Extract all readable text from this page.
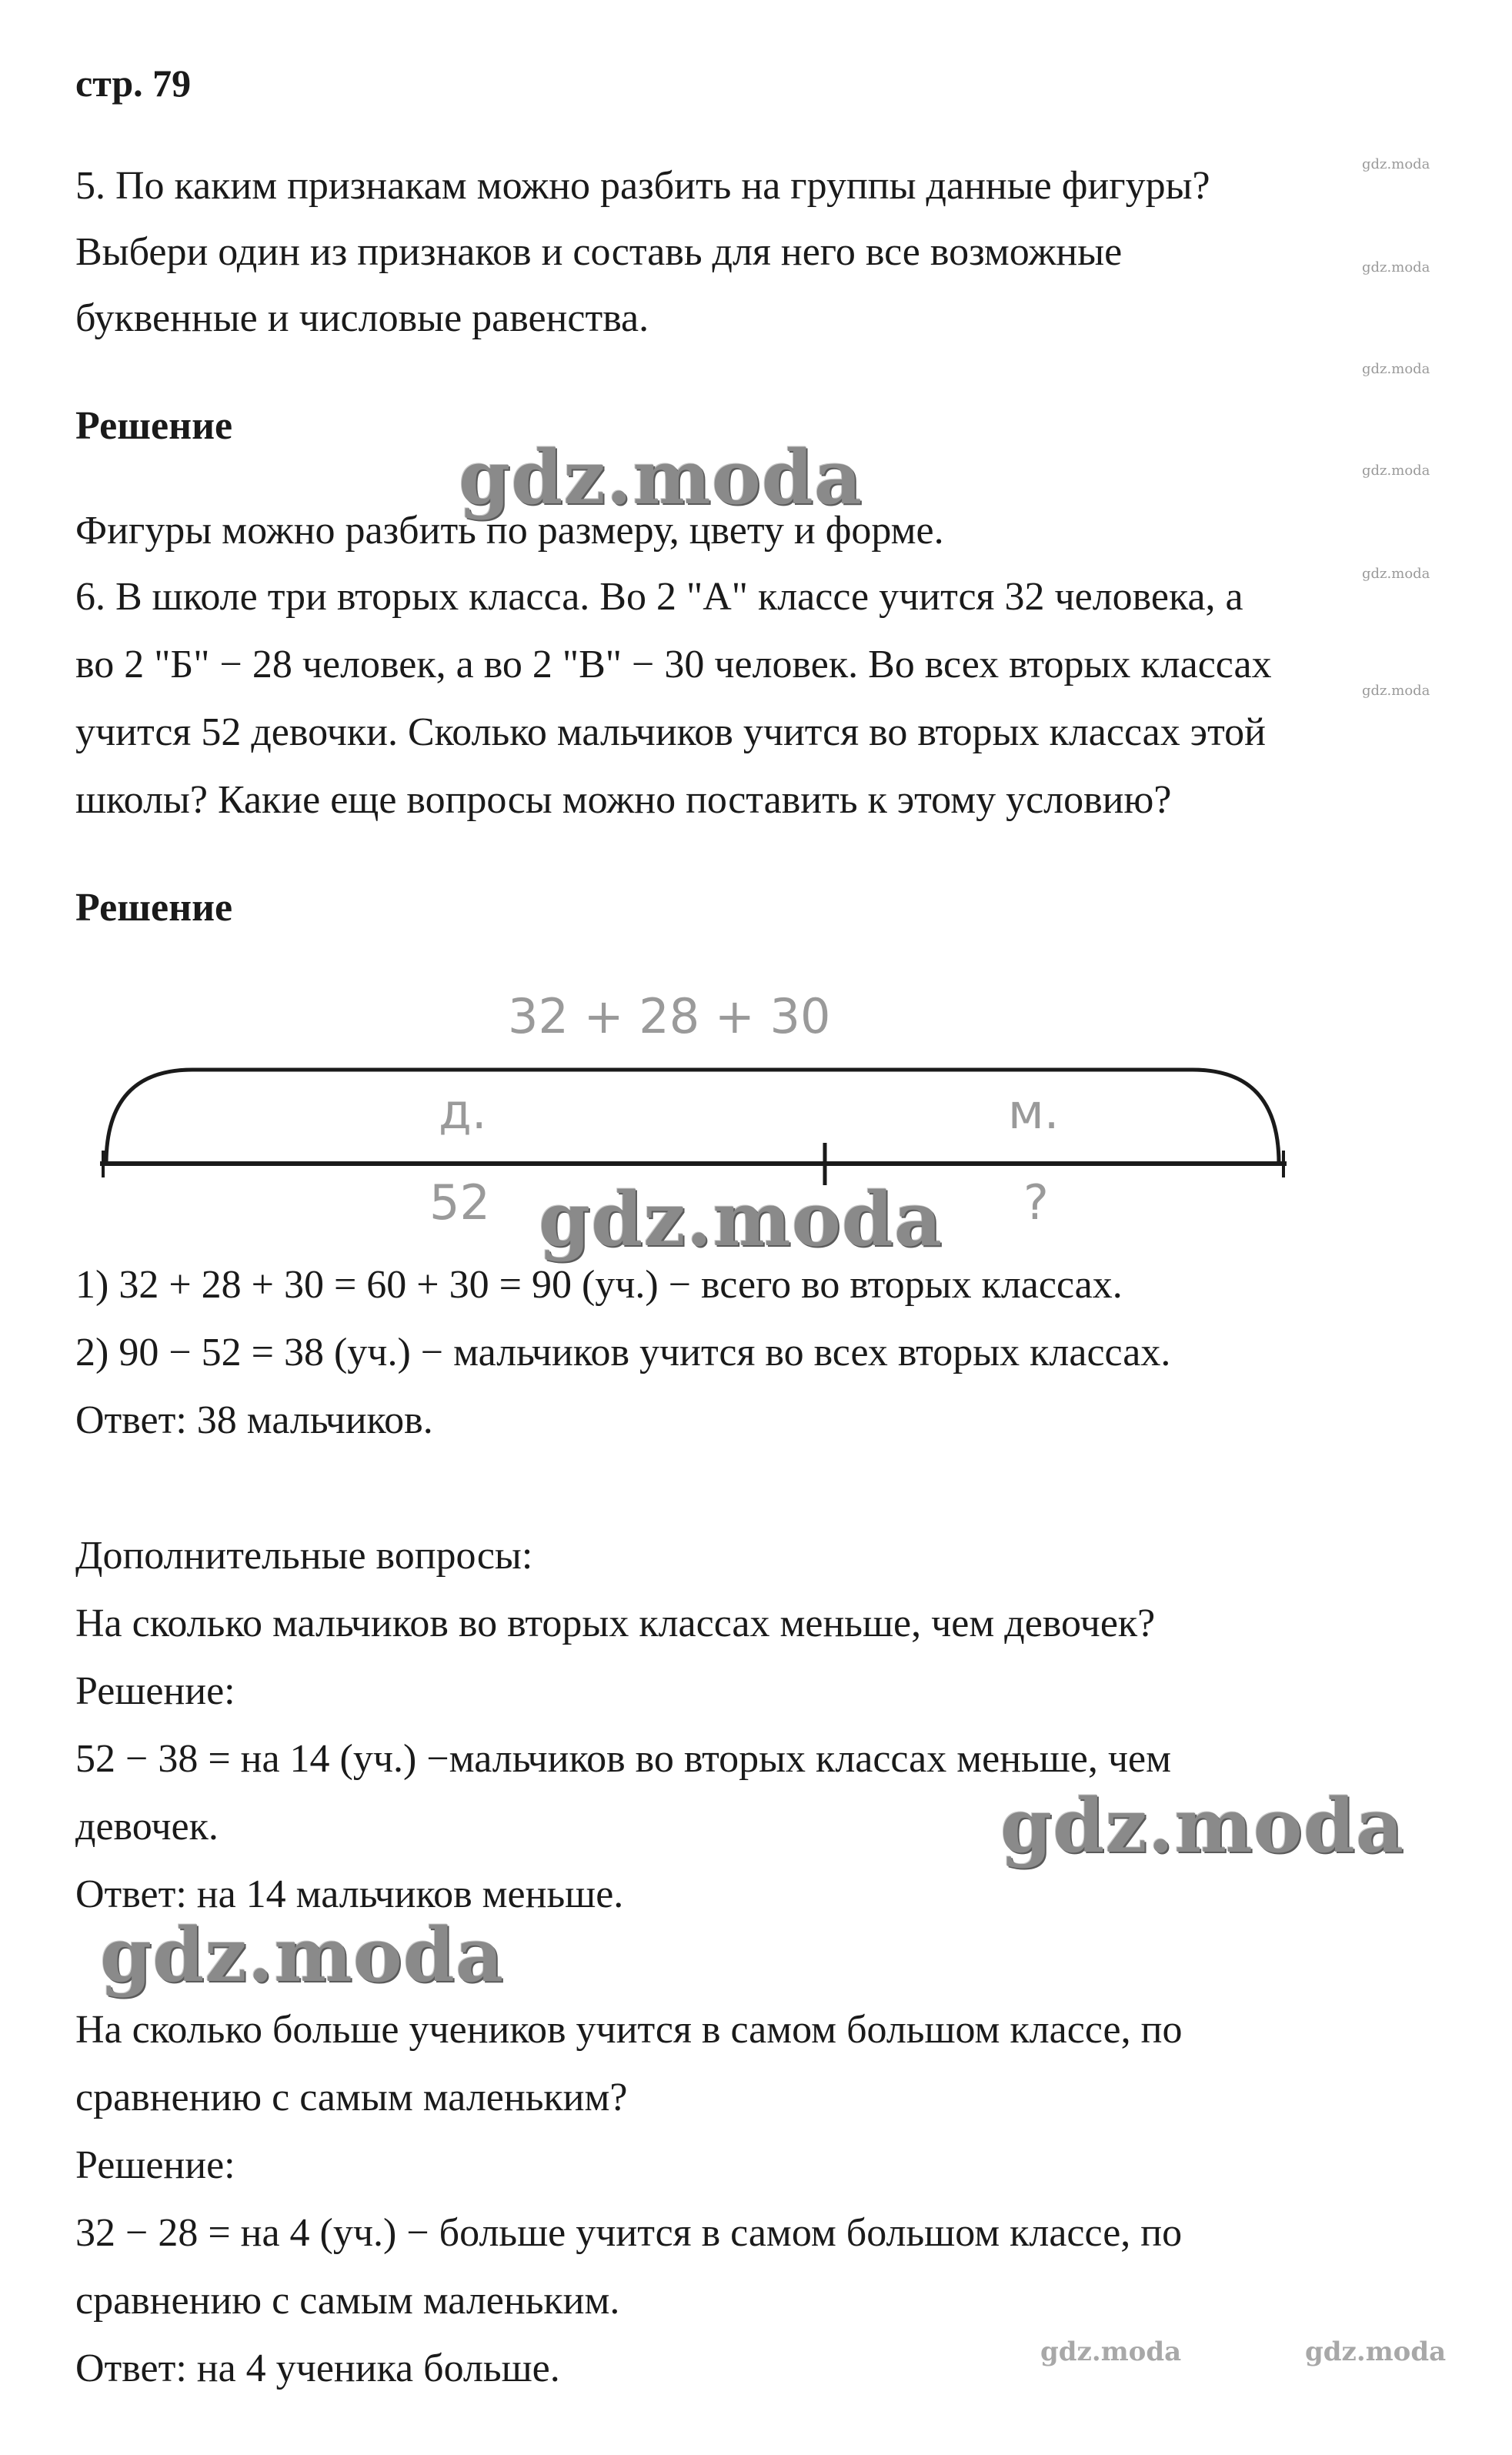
стр. 79
5. По каким признакам можно разбить на группы данные фигуры?
Выбери один из признаков и составь для него все возможные
буквенные и числовые равенства.
Решение
Фигуры можно разбить по размеру, цвету и форме.
6. В школе три вторых класса. Во 2 "А" классе учится 32 человека, а
во 2 "Б" − 28 человек, а во 2 "В" − 30 человек. Во всех вторых классах
учится 52 девочки. Сколько мальчиков учится во вторых классах этой
школы? Какие еще вопросы можно поставить к этому условию?
Решение
32 + 28 + 30
д.	м.
52	?
1) 32 + 28 + 30 = 60 + 30 = 90 (уч.) − всего во вторых классах.
2) 90 − 52 = 38 (уч.) − мальчиков учится во всех вторых классах.
Ответ: 38 мальчиков.
Дополнительные вопросы:
На сколько мальчиков во вторых классах меньше, чем девочек?
Решение:
52 − 38 = на 14 (уч.) −мальчиков во вторых классах меньше, чем
девочек.
Ответ: на 14 мальчиков меньше.
На сколько больше учеников учится в самом большом классе, по
сравнению с самым маленьким?
Решение:
32 − 28 = на 4 (уч.) − больше учится в самом большом классе, по
сравнению с самым маленьким.
Ответ: на 4 ученика больше.
gdz.moda
gdz.moda
gdz.moda
gdz.moda
gdz.moda
gdz.moda
gdz.moda
gdz.moda
gdz.moda
gdz.moda
gdz.moda	gdz.moda
